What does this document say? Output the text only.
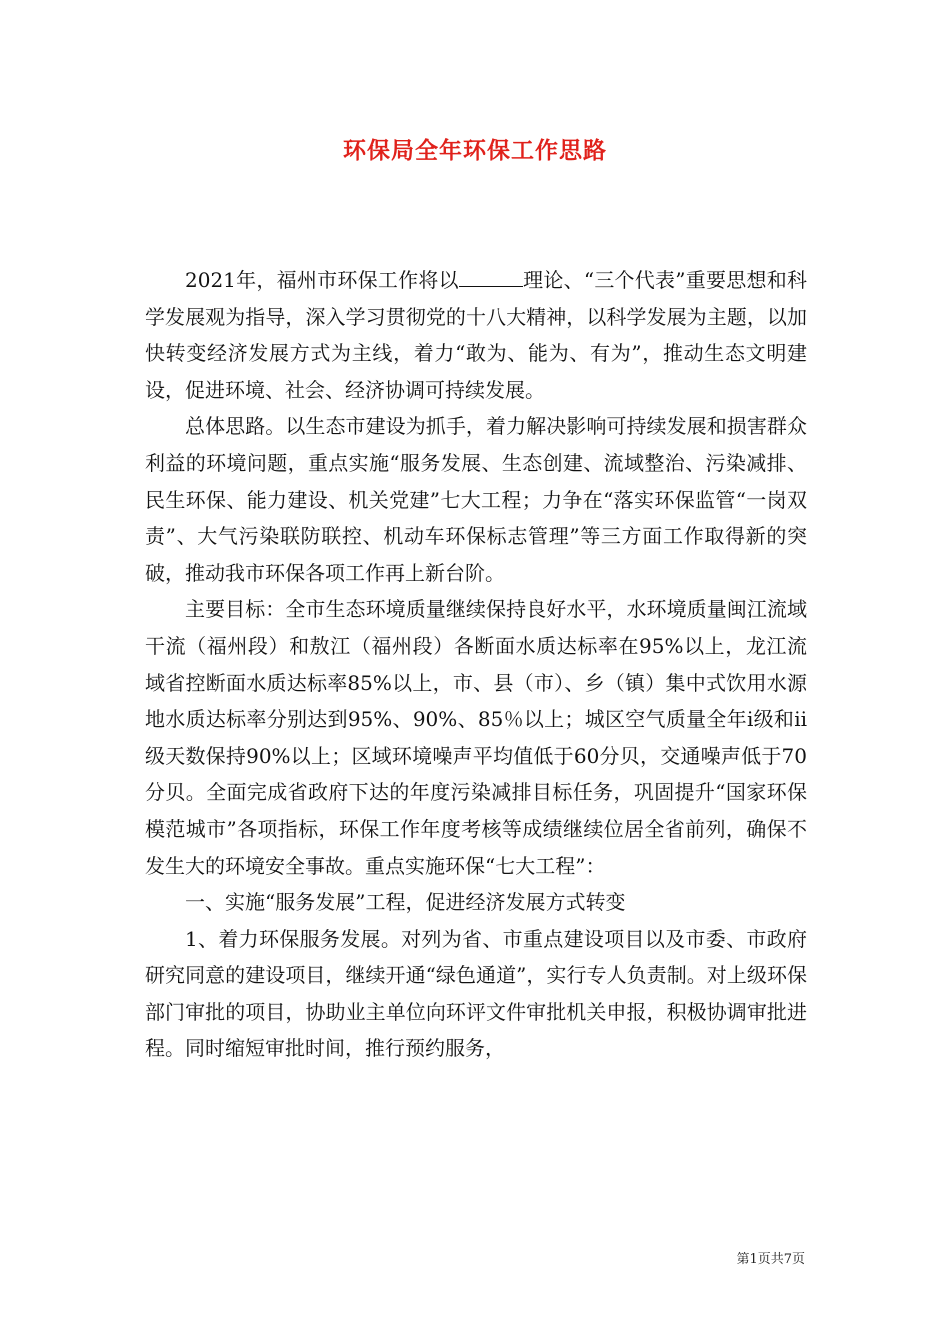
环保局全年环保工作思路

2021年，福州市环保工作将以	理论、“三个代表”重要思想和科学发展观为指导，深入学习贯彻党的十八大精神，以科学发展为主题，以加快转变经济发展方式为主线，着力“敢为、能为、有为”，推动生态文明建设，促进环境、社会、经济协调可持续发展。

总体思路。以生态市建设为抓手，着力解决影响可持续发展和损害群众利益的环境问题，重点实施“服务发展、生态创建、流域整治、污染减排、民生环保、能力建设、机关党建”七大工程；力争在“落实环保监管“一岗双责”、大气污染联防联控、机动车环保标志管理”等三方面工作取得新的突破，推动我市环保各项工作再上新台阶。

主要目标：全市生态环境质量继续保持良好水平，水环境质量闽江流域干流（福州段）和敖江（福州段）各断面水质达标率在95%以上，龙江流域省控断面水质达标率85%以上，市、县（市）、乡（镇）集中式饮用水源地水质达标率分别达到95%、90%、85％以上；城区空气质量全年ⅰ级和ⅱ级天数保持90%以上；区域环境噪声平均值低于60分贝，交通噪声低于70分贝。全面完成省政府下达的年度污染减排目标任务，巩固提升“国家环保模范城市”各项指标，环保工作年度考核等成绩继续位居全省前列，确保不发生大的环境安全事故。重点实施环保“七大工程”：

一、实施“服务发展”工程，促进经济发展方式转变

1、着力环保服务发展。对列为省、市重点建设项目以及市委、市政府研究同意的建设项目，继续开通“绿色通道”，实行专人负责制。对上级环保部门审批的项目，协助业主单位向环评文件审批机关申报，积极协调审批进程。同时缩短审批时间，推行预约服务，

第1页共7页
